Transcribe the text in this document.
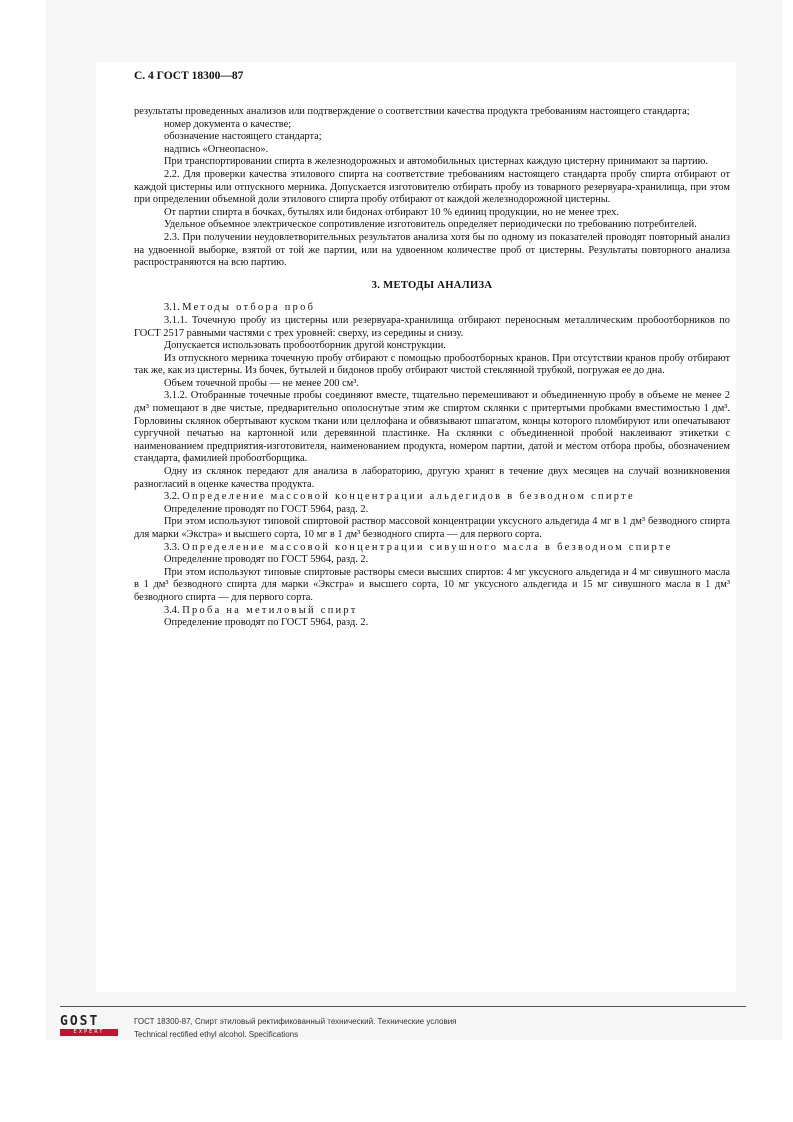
С. 4 ГОСТ 18300—87

результаты проведенных анализов или подтверждение о соответствии качества продукта требованиям настоящего стандарта;

номер документа о качестве;

обозначение настоящего стандарта;

надпись «Огнеопасно».

При транспортировании спирта в железнодорожных и автомобильных цистернах каждую цистерну принимают за партию.

2.2. Для проверки качества этилового спирта на соответствие требованиям настоящего стандарта пробу спирта отбирают от каждой цистерны или отпускного мерника. Допускается изготовителю отбирать пробу из товарного резервуара-хранилища, при этом при определении объемной доли этилового спирта пробу отбирают от каждой железнодорожной цистерны.

От партии спирта в бочках, бутылях или бидонах отбирают 10 % единиц продукции, но не менее трех.

Удельное объемное электрическое сопротивление изготовитель определяет периодически по требованию потребителей.

2.3. При получении неудовлетворительных результатов анализа хотя бы по одному из показателей проводят повторный анализ на удвоенной выборке, взятой от той же партии, или на удвоенном количестве проб от цистерны. Результаты повторного анализа распространяются на всю партию.

3. МЕТОДЫ АНАЛИЗА

3.1. Методы отбора проб

3.1.1. Точечную пробу из цистерны или резервуара-хранилища отбирают переносным металлическим пробоотборников по ГОСТ 2517 равными частями с трех уровней: сверху, из середины и снизу.

Допускается использовать пробоотборник другой конструкции.

Из отпускного мерника точечную пробу отбирают с помощью пробоотборных кранов. При отсутствии кранов пробу отбирают так же, как из цистерны. Из бочек, бутылей и бидонов пробу отбирают чистой стеклянной трубкой, погружая ее до дна.

Объем точечной пробы — не менее 200 см³.

3.1.2. Отобранные точечные пробы соединяют вместе, тщательно перемешивают и объединенную пробу в объеме не менее 2 дм³ помещают в две чистые, предварительно ополоснутые этим же спиртом склянки с притертыми пробками вместимостью 1 дм³. Горловины склянок обертывают куском ткани или целлофана и обвязывают шпагатом, концы которого пломбируют или опечатывают сургучной печатью на картонной или деревянной пластинке. На склянки с объединенной пробой наклеивают этикетки с наименованием предприятия-изготовителя, наименованием продукта, номером партии, датой и местом отбора пробы, обозначением стандарта, фамилией пробоотборщика.

Одну из склянок передают для анализа в лабораторию, другую хранят в течение двух месяцев на случай возникновения разногласий в оценке качества продукта.

3.2. Определение массовой концентрации альдегидов в безводном спирте

Определение проводят по ГОСТ 5964, разд. 2.

При этом используют типовой спиртовой раствор массовой концентрации уксусного альдегида 4 мг в 1 дм³ безводного спирта для марки «Экстра» и высшего сорта, 10 мг в 1 дм³ безводного спирта — для первого сорта.

3.3. Определение массовой концентрации сивушного масла в безводном спирте

Определение проводят по ГОСТ 5964, разд. 2.

При этом используют типовые спиртовые растворы смеси высших спиртов: 4 мг уксусного альдегида и 4 мг сивушного масла в 1 дм³ безводного спирта для марки «Экстра» и высшего сорта, 10 мг уксусного альдегида и 15 мг сивушного масла в 1 дм³ безводного спирта — для первого сорта.

3.4. Проба на метиловый спирт

Определение проводят по ГОСТ 5964, разд. 2.

GOST
EXPERT
ГОСТ 18300-87, Спирт этиловый ректификованный технический. Технические условия
Technical rectified ethyl alcohol. Specifications
